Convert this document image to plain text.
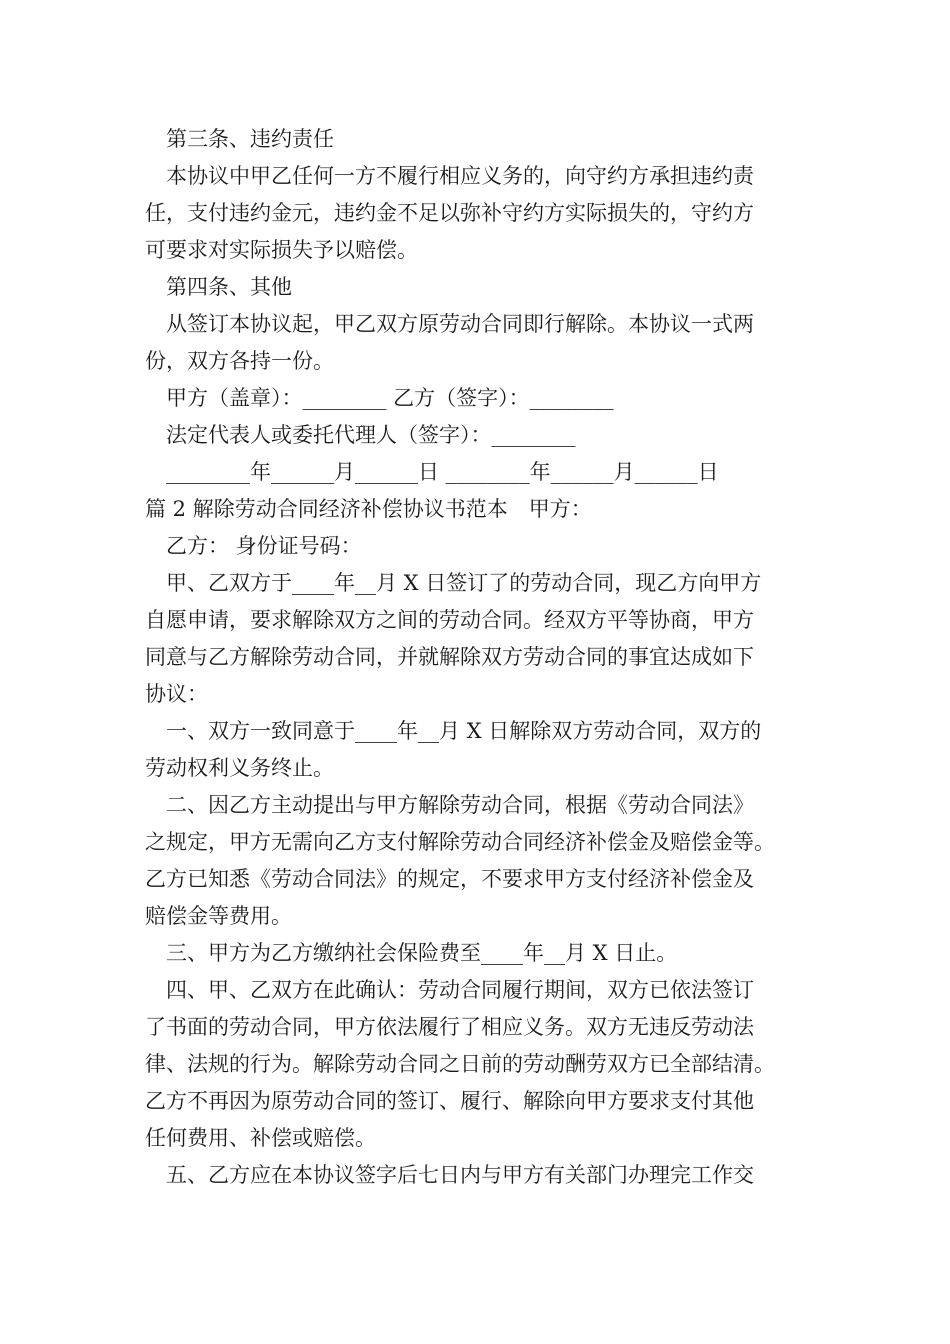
第三条、违约责任

本协议中甲乙任何一方不履行相应义务的，向守约方承担违约责

任，支付违约金元，违约金不足以弥补守约方实际损失的，守约方

可要求对实际损失予以赔偿。

第四条、其他

从签订本协议起，甲乙双方原劳动合同即行解除。本协议一式两

份，双方各持一份。

甲方（盖章）：________ 乙方（签字）：________

法定代表人或委托代理人（签字）：________

________年______月______日 ________年______月______日

篇 2 解除劳动合同经济补偿协议书范本　甲方：

乙方： 身份证号码：

甲、乙双方于____年__月 X 日签订了的劳动合同，现乙方向甲方

自愿申请，要求解除双方之间的劳动合同。经双方平等协商，甲方

同意与乙方解除劳动合同，并就解除双方劳动合同的事宜达成如下

协议：

一、双方一致同意于____年__月 X 日解除双方劳动合同，双方的

劳动权利义务终止。

二、因乙方主动提出与甲方解除劳动合同，根据《劳动合同法》

之规定，甲方无需向乙方支付解除劳动合同经济补偿金及赔偿金等。

乙方已知悉《劳动合同法》的规定，不要求甲方支付经济补偿金及

赔偿金等费用。

三、甲方为乙方缴纳社会保险费至____年__月 X 日止。

四、甲、乙双方在此确认：劳动合同履行期间，双方已依法签订

了书面的劳动合同，甲方依法履行了相应义务。双方无违反劳动法

律、法规的行为。解除劳动合同之日前的劳动酬劳双方已全部结清。

乙方不再因为原劳动合同的签订、履行、解除向甲方要求支付其他

任何费用、补偿或赔偿。

五、乙方应在本协议签字后七日内与甲方有关部门办理完工作交
